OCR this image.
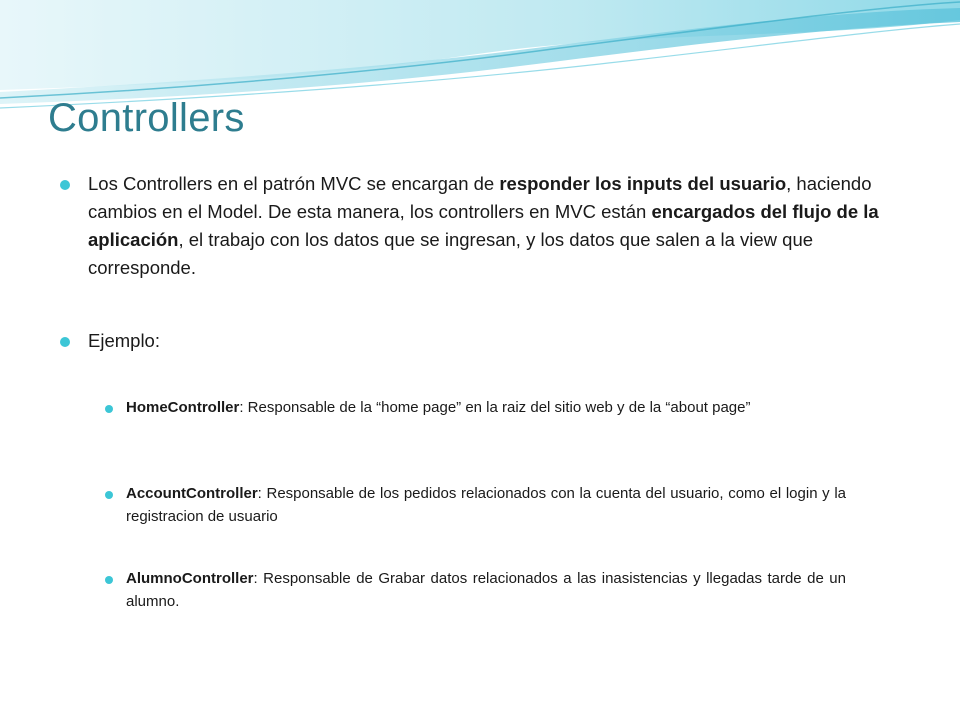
Controllers

Los Controllers en el patrón MVC se encargan de responder los inputs del usuario, haciendo cambios en el Model. De esta manera, los controllers en MVC están encargados del flujo de la aplicación, el trabajo con los datos que se ingresan, y los datos que salen a la view que corresponde.

Ejemplo:

HomeController: Responsable de la “home page” en la raiz del sitio web y de la “about page”

AccountController: Responsable de los pedidos relacionados con la cuenta del usuario, como el login y la registracion de usuario

AlumnoController: Responsable de Grabar datos relacionados a las inasistencias y llegadas tarde de un alumno.
